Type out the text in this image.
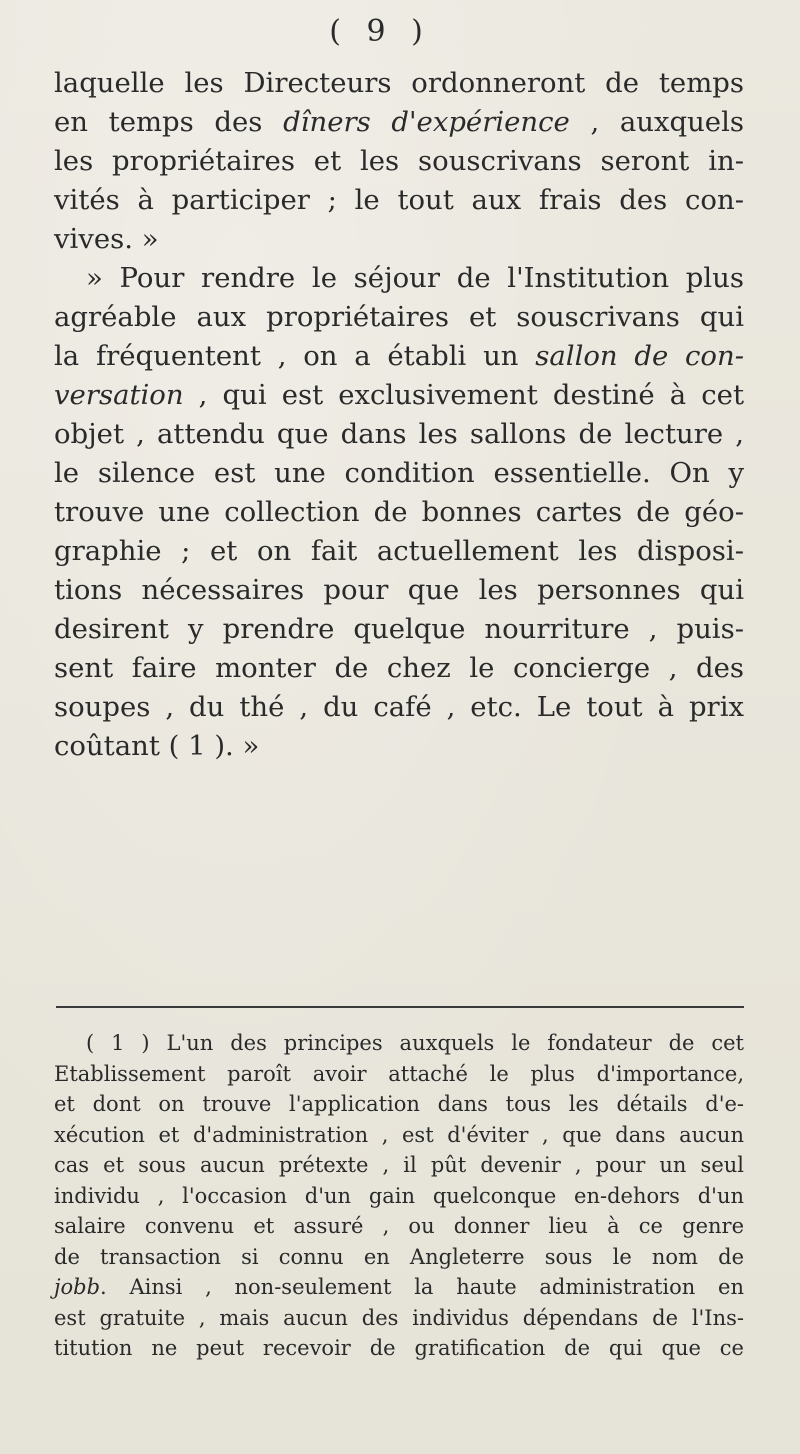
( 9 )
laquelle les Directeurs ordonneront de temps
en temps des dîners d'expérience , auxquels
les propriétaires et les souscrivans seront in-
vités à participer ; le tout aux frais des con-
vives. »
» Pour rendre le séjour de l'Institution plus
agréable aux propriétaires et souscrivans qui
la fréquentent , on a établi un sallon de con-
versation , qui est exclusivement destiné à cet
objet , attendu que dans les sallons de lecture ,
le silence est une condition essentielle. On y
trouve une collection de bonnes cartes de géo-
graphie ; et on fait actuellement les disposi-
tions nécessaires pour que les personnes qui
desirent y prendre quelque nourriture , puis-
sent faire monter de chez le concierge , des
soupes , du thé , du café , etc. Le tout à prix
coûtant ( 1 ). »
( 1 ) L'un des principes auxquels le fondateur de cet
Etablissement paroît avoir attaché le plus d'importance,
et dont on trouve l'application dans tous les détails d'e-
xécution et d'administration , est d'éviter , que dans aucun
cas et sous aucun prétexte , il pût devenir , pour un seul
individu , l'occasion d'un gain quelconque en-dehors d'un
salaire convenu et assuré , ou donner lieu à ce genre
de transaction si connu en Angleterre sous le nom de
jobb. Ainsi , non-seulement la haute administration en
est gratuite , mais aucun des individus dépendans de l'Ins-
titution ne peut recevoir de gratification de qui que ce
